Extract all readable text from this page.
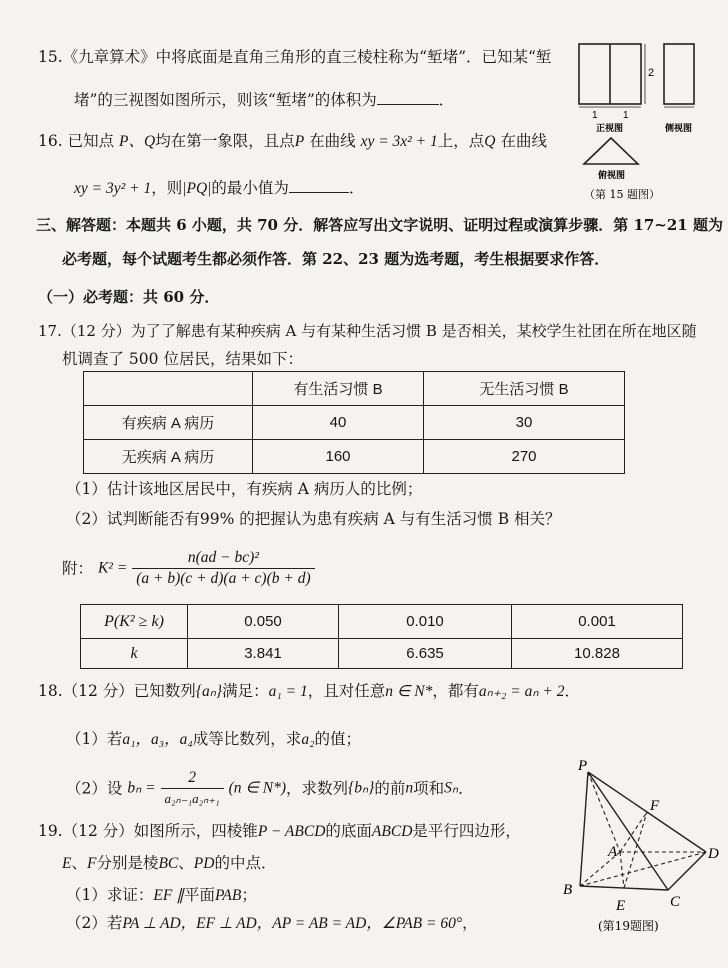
15.《九章算术》中将底面是直角三角形的直三棱柱称为“堑堵”．已知某“堑
堵”的三视图如图所示，则该“堑堵”的体积为	．
2
1	1
正视图	侧视图
俯视图
（第 15 题图）
16. 已知点 P、Q均在第一象限，且点P 在曲线 xy = 3x² + 1上，点Q 在曲线
xy = 3y² + 1，则|PQ|的最小值为	．
三、解答题：本题共 6 小题，共 70 分．解答应写出文字说明、证明过程或演算步骤．第 17~21 题为
必考题，每个试题考生都必须作答．第 22、23 题为选考题，考生根据要求作答．
（一）必考题：共 60 分．
17.（12 分）为了了解患有某种疾病 A 与有某种生活习惯 B 是否相关，某校学生社团在所在地区随
机调查了 500 位居民，结果如下：
	有生活习惯 B	无生活习惯 B
有疾病 A 病历	40	30
无疾病 A 病历	160	270
（1）估计该地区居民中，有疾病 A 病历人的比例；
（2）试判断能否有99% 的把握认为患有疾病 A 与有生活习惯 B 相关？
附： $K^2 = \frac{\text{n(ad − bc)²}}{(a + b)(c + d)(a + c)(b + d)}$
P(K² ≥ k)	0.050	0.010	0.001
k	3.841	6.635	10.828
18.（12 分）已知数列{aₙ}满足：a₁ = 1，且对任意n ∈ N*，都有aₙ₊₂ = aₙ + 2．
（1）若a₁，a₃，a₄成等比数列，求a₂的值；
（2）设 $b_n = \frac{2}{\text{a₂ₙ₋₁a₂ₙ₊₁}} (n$ ∈ N*)，求数列{bₙ}的前n项和Sₙ．
19.（12 分）如图所示，四棱锥P − ABCD的底面ABCD是平行四边形，
E、F分别是棱BC、PD的中点．
（1）求证：EF ∥平面PAB；
（2）若PA ⊥ AD，EF ⊥ AD，AP = AB = AD，∠PAB = 60°，
P
F
A	D
B
E	C
(第19题图)
